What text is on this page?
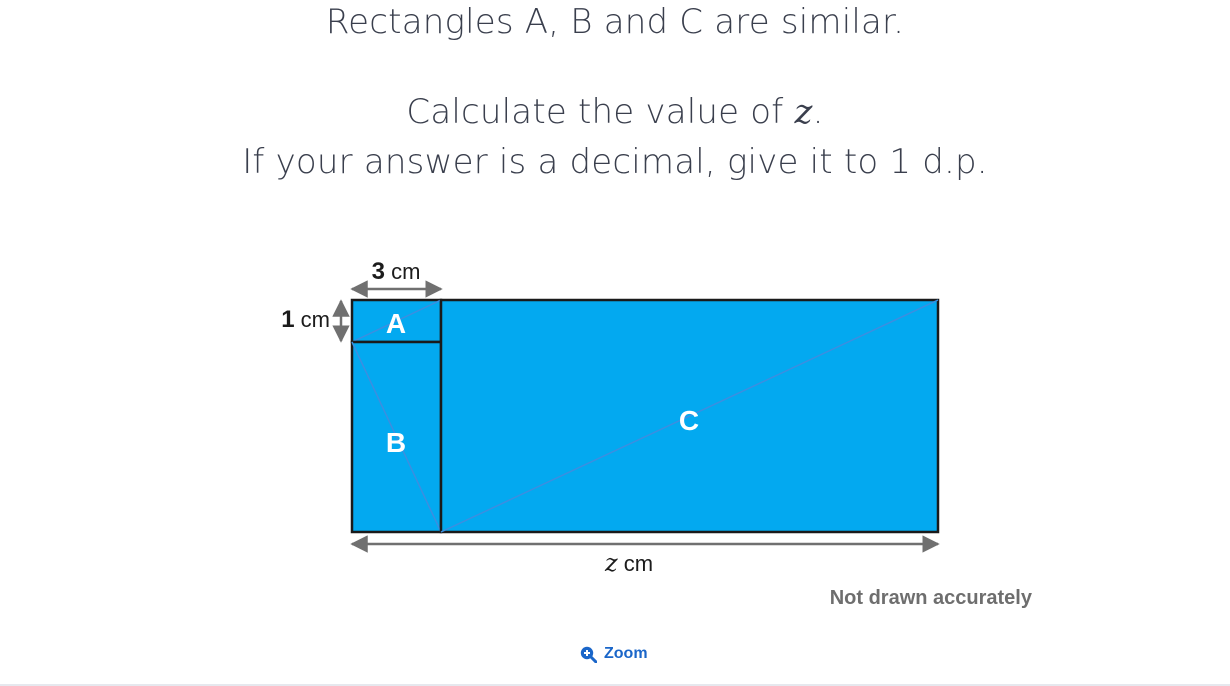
Rectangles A, B and C are similar.
Calculate the value of z.
If your answer is a decimal, give it to 1 d.p.
3 cm
1 cm A
B
C
z cm
Not drawn accurately
Zoom
